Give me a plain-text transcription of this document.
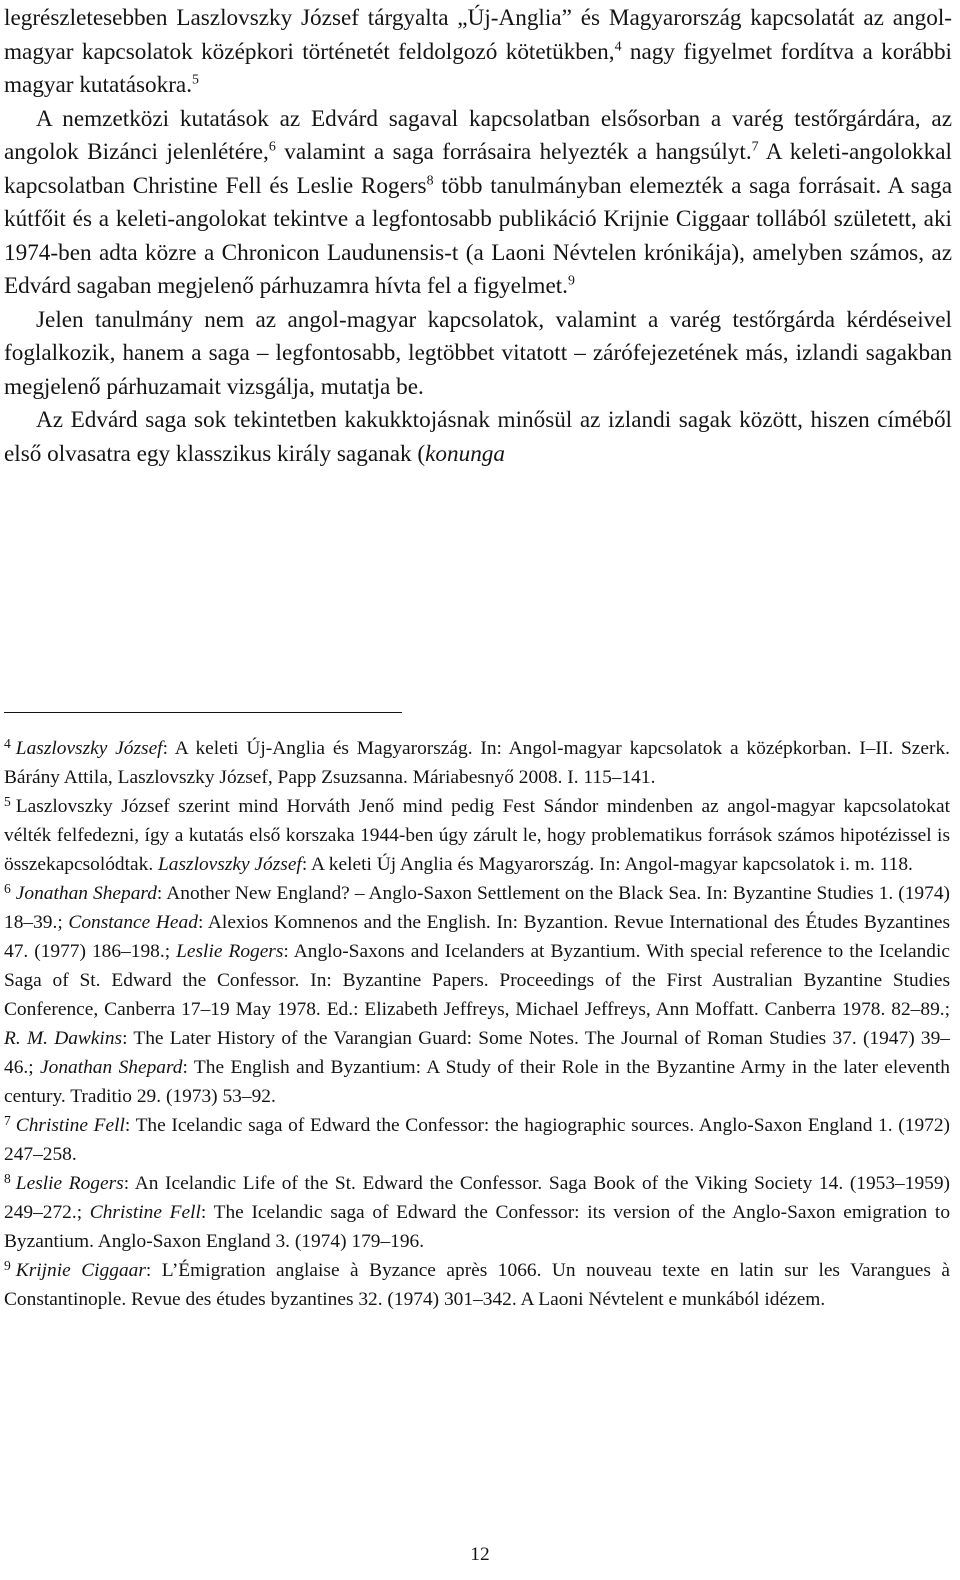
legrészletesebben Laszlovszky József tárgyalta „Új-Anglia” és Magyarország kapcsolatát az angol-magyar kapcsolatok középkori történetét feldolgozó kötetükben,$^4$ nagy figyelmet fordítva a korábbi magyar kutatásokra.$^5$

A nemzetközi kutatások az Edvárd sagaval kapcsolatban elsősorban a varég testőrgárdára, az angolok Bizánci jelenlétére,$^6$ valamint a saga forrásaira helyezték a hangsúlyt.$^7$ A keleti-angolokkal kapcsolatban Christine Fell és Leslie Rogers$^8$ több tanulmányban elemezték a saga forrásait. A saga kútfőit és a keleti-angolokat tekintve a legfontosabb publikáció Krijnie Ciggaar tollából született, aki 1974-ben adta közre a Chronicon Laudunensis-t (a Laoni Névtelen krónikája), amelyben számos, az Edvárd sagaban megjelenő párhuzamra hívta fel a figyelmet.$^9$

Jelen tanulmány nem az angol-magyar kapcsolatok, valamint a varég testőrgárda kérdéseivel foglalkozik, hanem a saga – legfontosabb, legtöbbet vitatott – zárófejezetének más, izlandi sagakban megjelenő párhuzamait vizsgálja, mutatja be.

Az Edvárd saga sok tekintetben kakukktojásnak minősül az izlandi sagak között, hiszen címéből első olvasatra egy klasszikus király saganak (konunga

$^4$ Laszlovszky József: A keleti Új-Anglia és Magyarország. In: Angol-magyar kapcsolatok a középkorban. I–II. Szerk. Bárány Attila, Laszlovszky József, Papp Zsuzsanna. Máriabesnyő 2008. I. 115–141.

$^5$ Laszlovszky József szerint mind Horváth Jenő mind pedig Fest Sándor mindenben az angol-magyar kapcsolatokat vélték felfedezni, így a kutatás első korszaka 1944-ben úgy zárult le, hogy problematikus források számos hipotézissel is összekapcsolódtak. Laszlovszky József: A keleti Új Anglia és Magyarország. In: Angol-magyar kapcsolatok i. m. 118.

$^6$ Jonathan Shepard: Another New England? – Anglo-Saxon Settlement on the Black Sea. In: Byzantine Studies 1. (1974) 18–39.; Constance Head: Alexios Komnenos and the English. In: Byzantion. Revue International des Études Byzantines 47. (1977) 186–198.; Leslie Rogers: Anglo-Saxons and Icelanders at Byzantium. With special reference to the Icelandic Saga of St. Edward the Confessor. In: Byzantine Papers. Proceedings of the First Australian Byzantine Studies Conference, Canberra 17–19 May 1978. Ed.: Elizabeth Jeffreys, Michael Jeffreys, Ann Moffatt. Canberra 1978. 82–89.; R. M. Dawkins: The Later History of the Varangian Guard: Some Notes. The Journal of Roman Studies 37. (1947) 39–46.; Jonathan Shepard: The English and Byzantium: A Study of their Role in the Byzantine Army in the later eleventh century. Traditio 29. (1973) 53–92.

$^7$ Christine Fell: The Icelandic saga of Edward the Confessor: the hagiographic sources. Anglo-Saxon England 1. (1972) 247–258.

$^8$ Leslie Rogers: An Icelandic Life of the St. Edward the Confessor. Saga Book of the Viking Society 14. (1953–1959) 249–272.; Christine Fell: The Icelandic saga of Edward the Confessor: its version of the Anglo-Saxon emigration to Byzantium. Anglo-Saxon England 3. (1974) 179–196.

$^9$ Krijnie Ciggaar: L’Émigration anglaise à Byzance après 1066. Un nouveau texte en latin sur les Varangues à Constantinople. Revue des études byzantines 32. (1974) 301–342. A Laoni Névtelent e munkából idézem.

12
